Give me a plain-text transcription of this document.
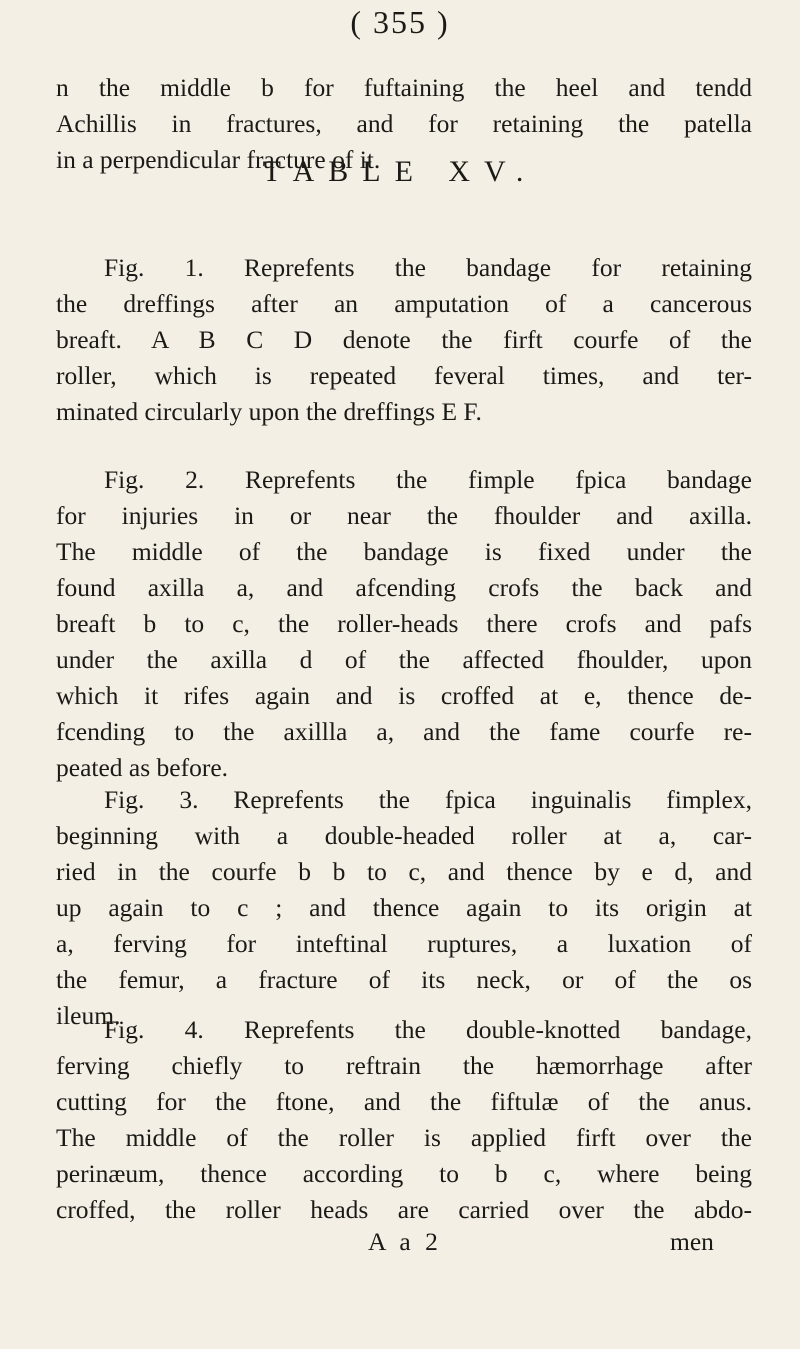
( 355 )
n the middle b for fuftaining the heel and tendd
Achillis in fractures, and for retaining the patella
in a perpendicular fracture of it.
TABLE XV.
Fig. 1. Reprefents the bandage for retaining
the dreffings after an amputation of a cancerous
breaft. A B C D denote the firft courfe of the
roller, which is repeated feveral times, and ter-
minated circularly upon the dreffings E F.
Fig. 2. Reprefents the fimple fpica bandage
for injuries in or near the fhoulder and axilla.
The middle of the bandage is fixed under the
found axilla a, and afcending crofs the back and
breaft b to c, the roller-heads there crofs and pafs
under the axilla d of the affected fhoulder, upon
which it rifes again and is croffed at e, thence de-
fcending to the axillla a, and the fame courfe re-
peated as before.
Fig. 3. Reprefents the fpica inguinalis fimplex,
beginning with a double-headed roller at a, car-
ried in the courfe b b to c, and thence by e d, and
up again to c ; and thence again to its origin at
a, ferving for inteftinal ruptures, a luxation of
the femur, a fracture of its neck, or of the os
ileum.
Fig. 4. Reprefents the double-knotted bandage,
ferving chiefly to reftrain the hæmorrhage after
cutting for the ftone, and the fiftulæ of the anus.
The middle of the roller is applied firft over the
perinæum, thence according to b c, where being
croffed, the roller heads are carried over the abdo-
A a 2	men
